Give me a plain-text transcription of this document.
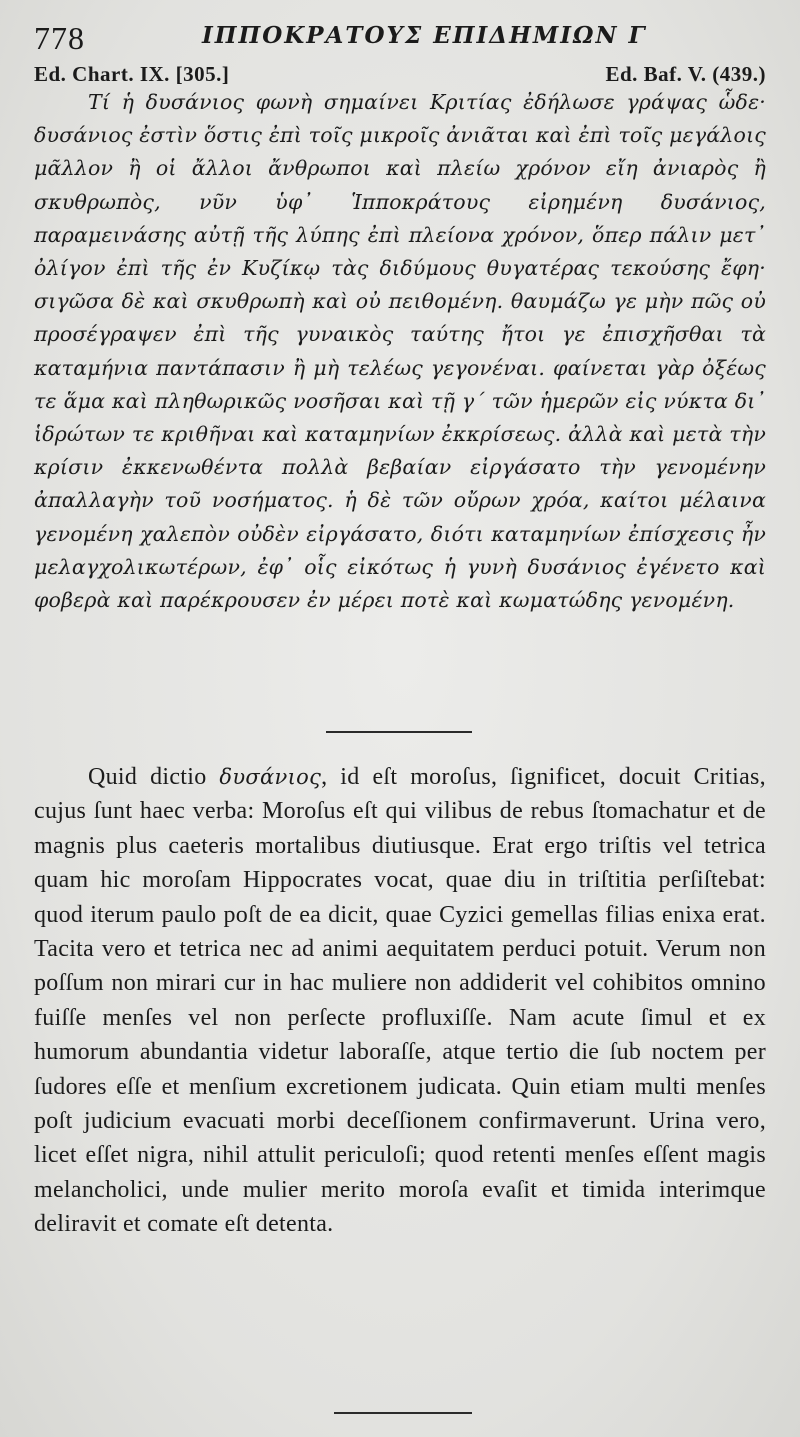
778	ΙΠΠΟΚΡΑΤΟΥΣ ΕΠΙΔΗΜΙΩΝ Γ
Ed. Chart. IX. [305.]	Ed. Baf. V. (439.)

Τί ἡ δυσάνιος φωνὴ σημαίνει Κριτίας ἐδήλωσε γράψας ὧδε· δυσάνιος ἐστὶν ὅστις ἐπὶ τοῖς μικροῖς ἀνιᾶται καὶ ἐπὶ τοῖς μεγάλοις μᾶλλον ἢ οἱ ἄλλοι ἄνθρωποι καὶ πλείω χρόνον εἴη ἀνιαρὸς ἢ σκυθρωπὸς, νῦν ὑφ᾽ Ἱπποκράτους εἰρημένη δυσάνιος, παραμεινάσης αὐτῇ τῆς λύπης ἐπὶ πλείονα χρόνον, ὅπερ πάλιν μετ᾽ ὀλίγον ἐπὶ τῆς ἐν Κυζίκῳ τὰς διδύμους θυγατέρας τεκούσης ἔφη· σιγῶσα δὲ καὶ σκυθρωπὴ καὶ οὐ πειθομένη. θαυμάζω γε μὴν πῶς οὐ προσέγραψεν ἐπὶ τῆς γυναικὸς ταύτης ἤτοι γε ἐπισχῆσθαι τὰ καταμήνια παντάπασιν ἢ μὴ τελέως γεγονέναι. φαίνεται γὰρ ὀξέως τε ἅμα καὶ πληθωρικῶς νοσῆσαι καὶ τῇ γ΄ τῶν ἡμερῶν εἰς νύκτα δι᾽ ἱδρώτων τε κριθῆναι καὶ καταμηνίων ἐκκρίσεως. ἀλλὰ καὶ μετὰ τὴν κρίσιν ἐκκενωθέντα πολλὰ βεβαίαν εἰργάσατο τὴν γενομένην ἀπαλλαγὴν τοῦ νοσήματος. ἡ δὲ τῶν οὔρων χρόα, καίτοι μέλαινα γενομένη χαλεπὸν οὐδὲν εἰργάσατο, διότι καταμηνίων ἐπίσχεσις ἦν μελαγχολικωτέρων, ἐφ᾽ οἷς εἰκότως ἡ γυνὴ δυσάνιος ἐγένετο καὶ φοβερὰ καὶ παρέκρουσεν ἐν μέρει ποτὲ καὶ κωματώδης γενομένη.

Quid dictio δυσάνιος, id eſt moroſus, ſignificet, docuit Critias, cujus ſunt haec verba: Moroſus eſt qui vilibus de rebus ſtomachatur et de magnis plus caeteris mortalibus diutiusque. Erat ergo triſtis vel tetrica quam hic moroſam Hippocrates vocat, quae diu in triſtitia perſiſtebat: quod iterum paulo poſt de ea dicit, quae Cyzici gemellas filias enixa erat. Tacita vero et tetrica nec ad animi aequitatem perduci potuit. Verum non poſſum non mirari cur in hac muliere non addiderit vel cohibitos omnino fuiſſe menſes vel non perſecte profluxiſſe. Nam acute ſimul et ex humorum abundantia videtur laboraſſe, atque tertio die ſub noctem per ſudores eſſe et menſium excretionem judicata. Quin etiam multi menſes poſt judicium evacuati morbi deceſſionem confirmaverunt. Urina vero, licet eſſet nigra, nihil attulit periculoſi; quod retenti menſes eſſent magis melancholici, unde mulier merito moroſa evaſit et timida interimque deliravit et comate eſt detenta.
